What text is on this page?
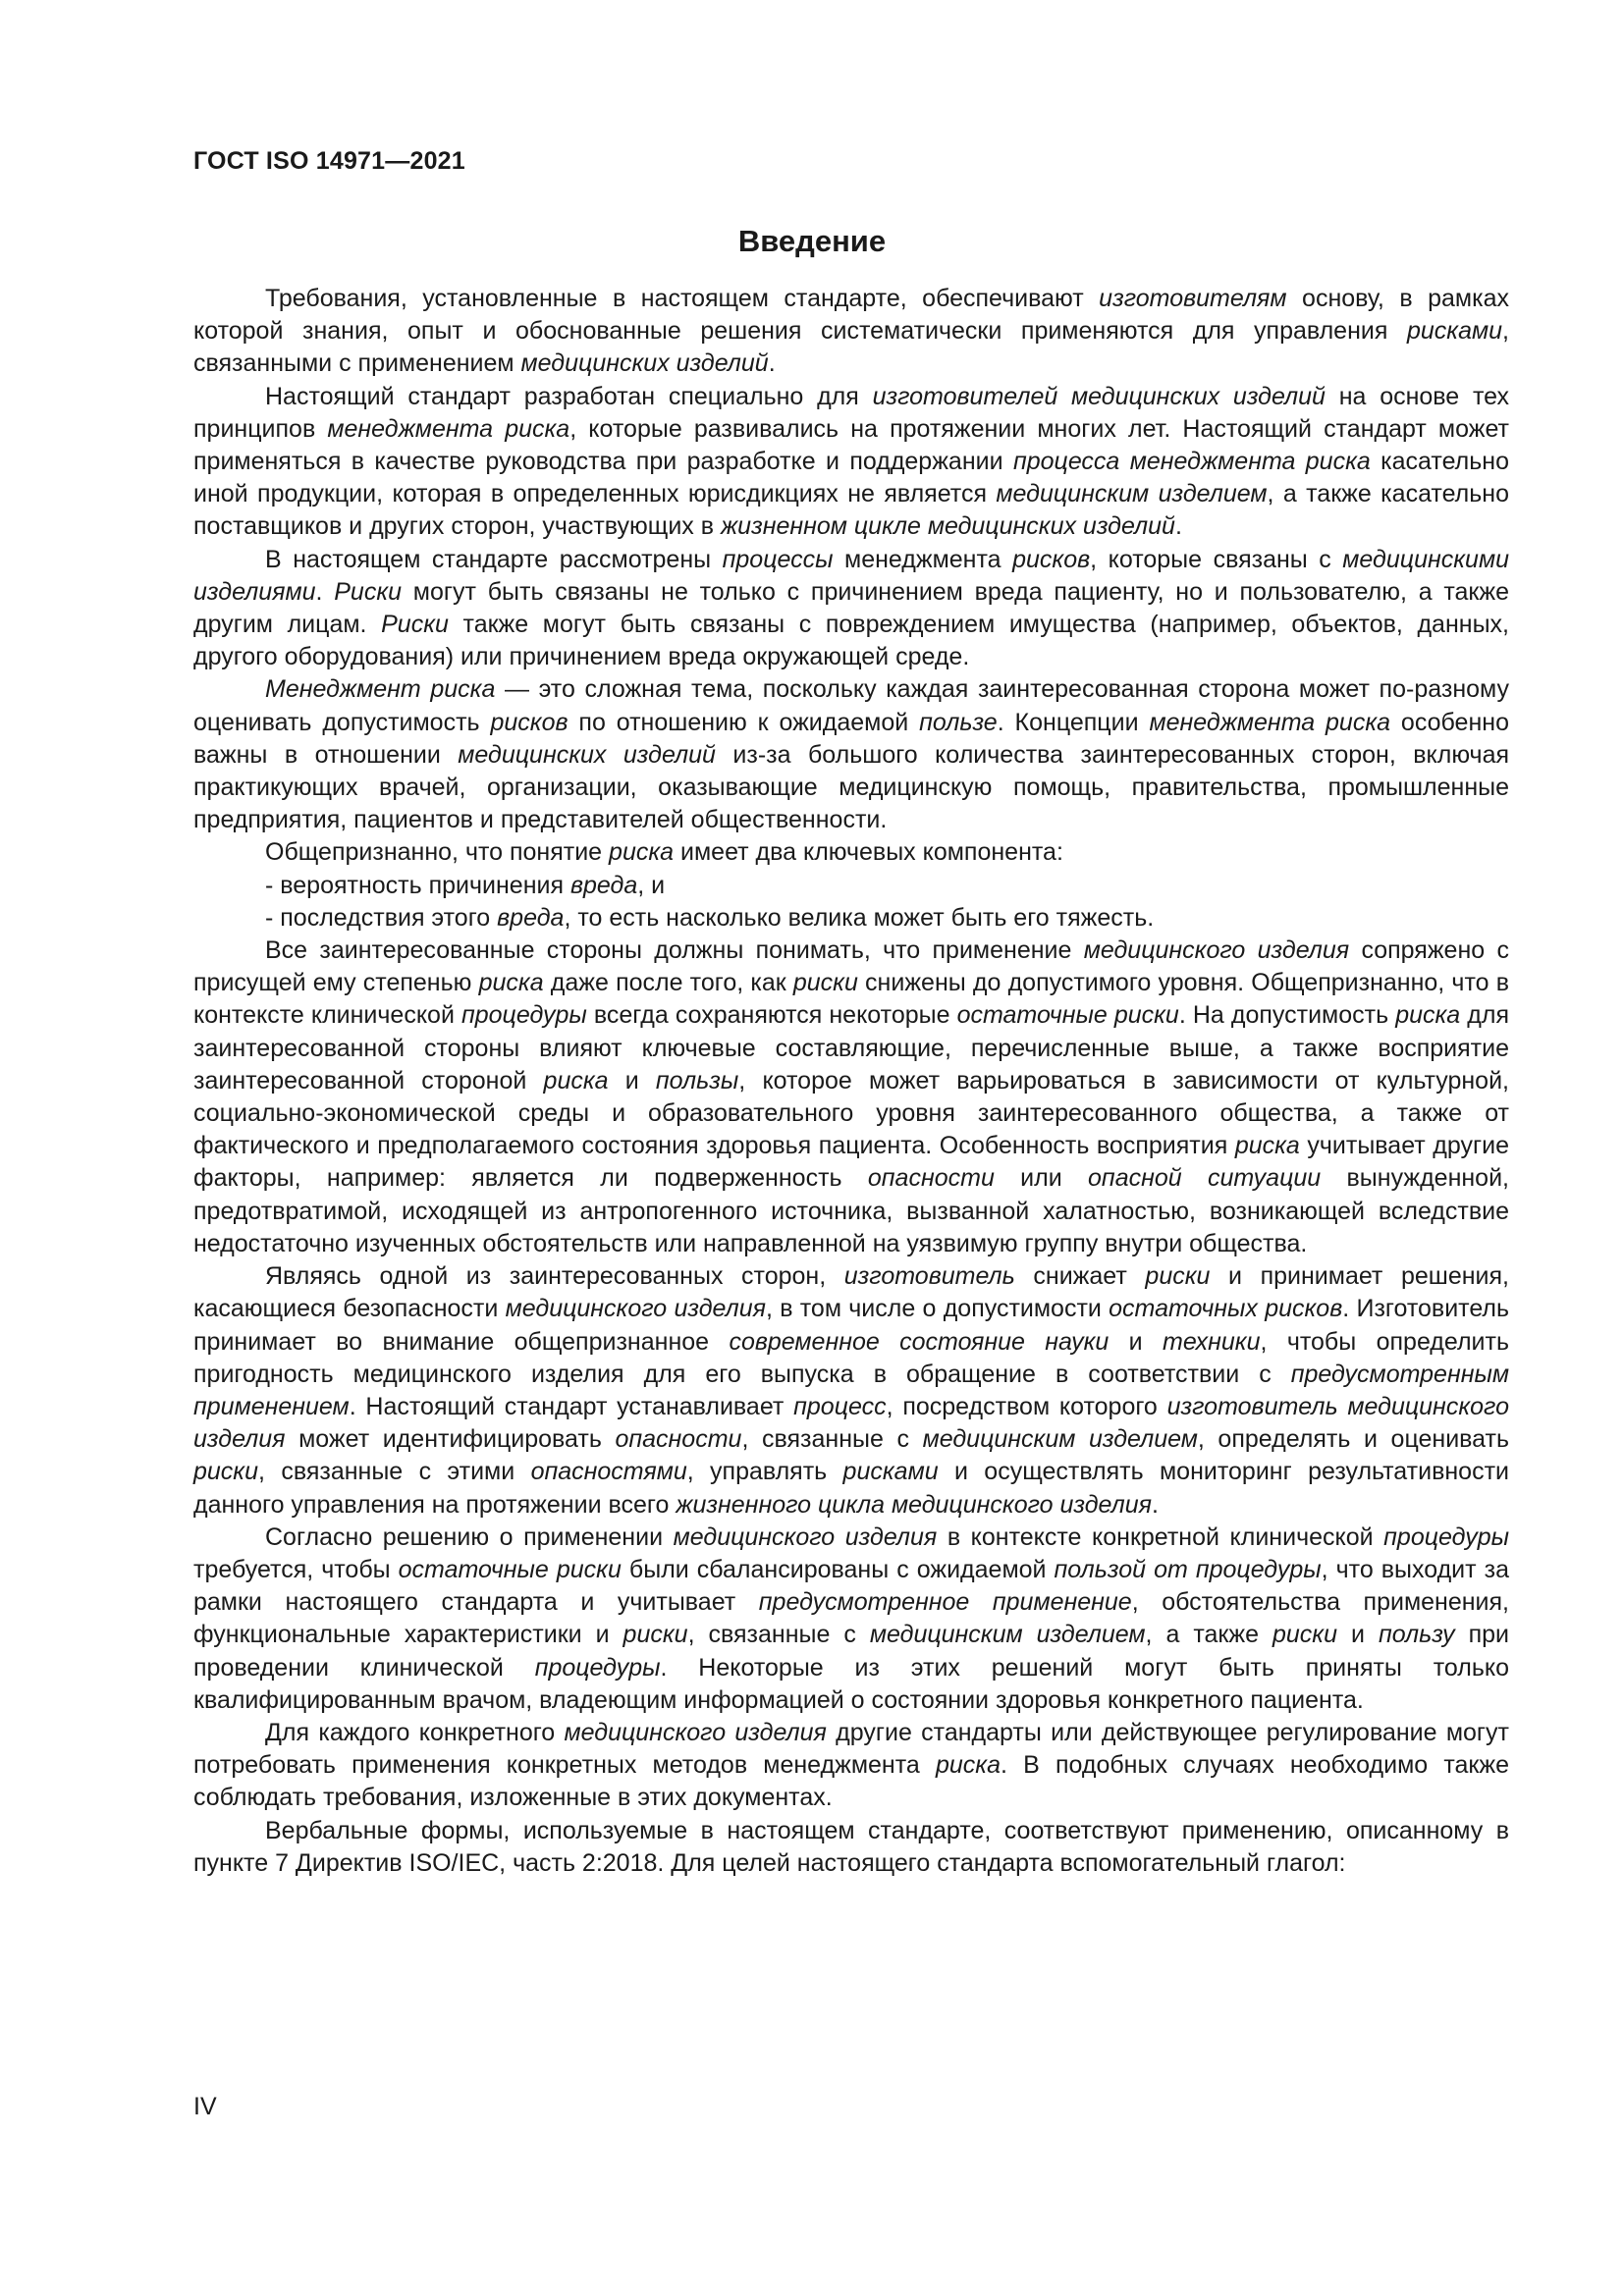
ГОСТ ISO 14971—2021
Введение

Требования, установленные в настоящем стандарте, обеспечивают изготовителям основу, в рамках которой знания, опыт и обоснованные решения систематически применяются для управления рисками, связанными с применением медицинских изделий.

Настоящий стандарт разработан специально для изготовителей медицинских изделий на основе тех принципов менеджмента риска, которые развивались на протяжении многих лет. Настоящий стандарт может применяться в качестве руководства при разработке и поддержании процесса менеджмента риска касательно иной продукции, которая в определенных юрисдикциях не является медицинским изделием, а также касательно поставщиков и других сторон, участвующих в жизненном цикле медицинских изделий.

В настоящем стандарте рассмотрены процессы менеджмента рисков, которые связаны с медицинскими изделиями. Риски могут быть связаны не только с причинением вреда пациенту, но и пользователю, а также другим лицам. Риски также могут быть связаны с повреждением имущества (например, объектов, данных, другого оборудования) или причинением вреда окружающей среде.

Менеджмент риска — это сложная тема, поскольку каждая заинтересованная сторона может по-разному оценивать допустимость рисков по отношению к ожидаемой пользе. Концепции менеджмента риска особенно важны в отношении медицинских изделий из-за большого количества заинтересованных сторон, включая практикующих врачей, организации, оказывающие медицинскую помощь, правительства, промышленные предприятия, пациентов и представителей общественности.

Общепризнанно, что понятие риска имеет два ключевых компонента:

- вероятность причинения вреда, и

- последствия этого вреда, то есть насколько велика может быть его тяжесть.

Все заинтересованные стороны должны понимать, что применение медицинского изделия сопряжено с присущей ему степенью риска даже после того, как риски снижены до допустимого уровня. Общепризнанно, что в контексте клинической процедуры всегда сохраняются некоторые остаточные риски. На допустимость риска для заинтересованной стороны влияют ключевые составляющие, перечисленные выше, а также восприятие заинтересованной стороной риска и пользы, которое может варьироваться в зависимости от культурной, социально-экономической среды и образовательного уровня заинтересованного общества, а также от фактического и предполагаемого состояния здоровья пациента. Особенность восприятия риска учитывает другие факторы, например: является ли подверженность опасности или опасной ситуации вынужденной, предотвратимой, исходящей из антропогенного источника, вызванной халатностью, возникающей вследствие недостаточно изученных обстоятельств или направленной на уязвимую группу внутри общества.

Являясь одной из заинтересованных сторон, изготовитель снижает риски и принимает решения, касающиеся безопасности медицинского изделия, в том числе о допустимости остаточных рисков. Изготовитель принимает во внимание общепризнанное современное состояние науки и техники, чтобы определить пригодность медицинского изделия для его выпуска в обращение в соответствии с предусмотренным применением. Настоящий стандарт устанавливает процесс, посредством которого изготовитель медицинского изделия может идентифицировать опасности, связанные с медицинским изделием, определять и оценивать риски, связанные с этими опасностями, управлять рисками и осуществлять мониторинг результативности данного управления на протяжении всего жизненного цикла медицинского изделия.

Согласно решению о применении медицинского изделия в контексте конкретной клинической процедуры требуется, чтобы остаточные риски были сбалансированы с ожидаемой пользой от процедуры, что выходит за рамки настоящего стандарта и учитывает предусмотренное применение, обстоятельства применения, функциональные характеристики и риски, связанные с медицинским изделием, а также риски и пользу при проведении клинической процедуры. Некоторые из этих решений могут быть приняты только квалифицированным врачом, владеющим информацией о состоянии здоровья конкретного пациента.

Для каждого конкретного медицинского изделия другие стандарты или действующее регулирование могут потребовать применения конкретных методов менеджмента риска. В подобных случаях необходимо также соблюдать требования, изложенные в этих документах.

Вербальные формы, используемые в настоящем стандарте, соответствуют применению, описанному в пункте 7 Директив ISO/IEC, часть 2:2018. Для целей настоящего стандарта вспомогательный глагол:

IV
